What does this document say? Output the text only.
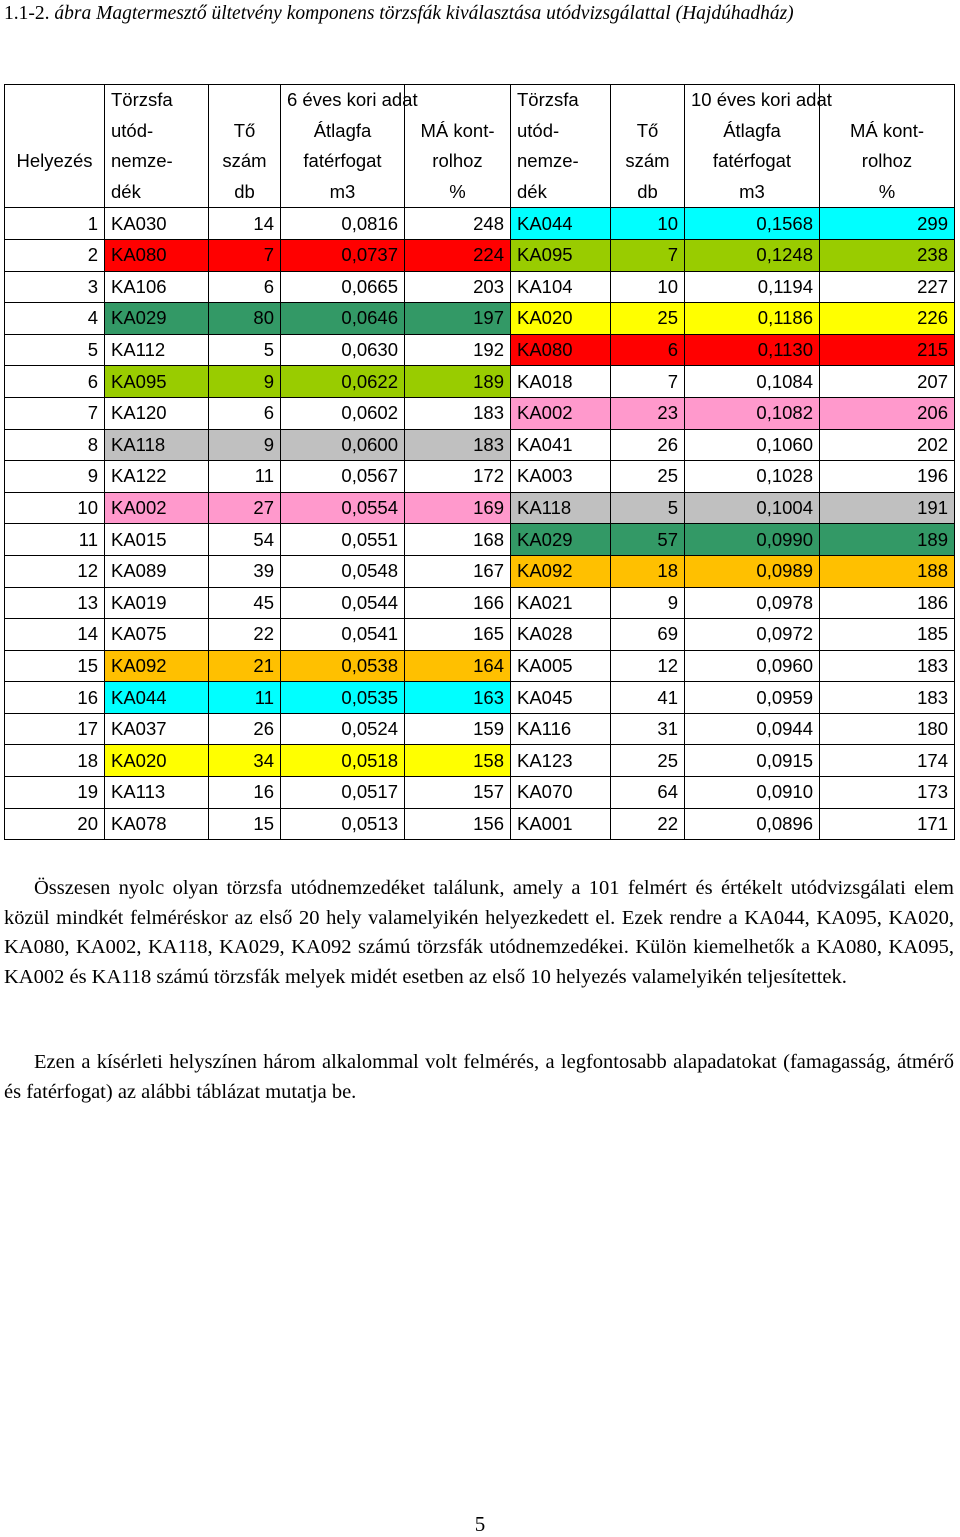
1.1-2. ábra Magtermesztő ültetvény komponens törzsfák kiválasztása utódvizsgálattal (Hajdúhadház)
	Törzsfa		6 éves kori adat		Törzsfa		10 éves kori adat	
	utód-	Tő	Átlagfa	MÁ kont-	utód-	Tő	Átlagfa	MÁ kont-
Helyezés	nemze-	szám	fatérfogat	rolhoz	nemze-	szám	fatérfogat	rolhoz
	dék	db	m3	%	dék	db	m3	%
1	KA030	14	0,0816	248	KA044	10	0,1568	299
2	KA080	7	0,0737	224	KA095	7	0,1248	238
3	KA106	6	0,0665	203	KA104	10	0,1194	227
4	KA029	80	0,0646	197	KA020	25	0,1186	226
5	KA112	5	0,0630	192	KA080	6	0,1130	215
6	KA095	9	0,0622	189	KA018	7	0,1084	207
7	KA120	6	0,0602	183	KA002	23	0,1082	206
8	KA118	9	0,0600	183	KA041	26	0,1060	202
9	KA122	11	0,0567	172	KA003	25	0,1028	196
10	KA002	27	0,0554	169	KA118	5	0,1004	191
11	KA015	54	0,0551	168	KA029	57	0,0990	189
12	KA089	39	0,0548	167	KA092	18	0,0989	188
13	KA019	45	0,0544	166	KA021	9	0,0978	186
14	KA075	22	0,0541	165	KA028	69	0,0972	185
15	KA092	21	0,0538	164	KA005	12	0,0960	183
16	KA044	11	0,0535	163	KA045	41	0,0959	183
17	KA037	26	0,0524	159	KA116	31	0,0944	180
18	KA020	34	0,0518	158	KA123	25	0,0915	174
19	KA113	16	0,0517	157	KA070	64	0,0910	173
20	KA078	15	0,0513	156	KA001	22	0,0896	171
Összesen nyolc olyan törzsfa utódnemzedéket találunk, amely a 101 felmért és értékelt utódvizsgálati elem közül mindkét felméréskor az első 20 hely valamelyikén helyezkedett el. Ezek rendre a KA044, KA095, KA020, KA080, KA002, KA118, KA029, KA092 számú törzsfák utódnemzedékei. Külön kiemelhetők a KA080, KA095, KA002 és KA118 számú törzsfák melyek midét esetben az első 10 helyezés valamelyikén teljesítettek.
Ezen a kísérleti helyszínen három alkalommal volt felmérés, a legfontosabb alapadatokat (famagasság, átmérő és fatérfogat) az alábbi táblázat mutatja be.
5
